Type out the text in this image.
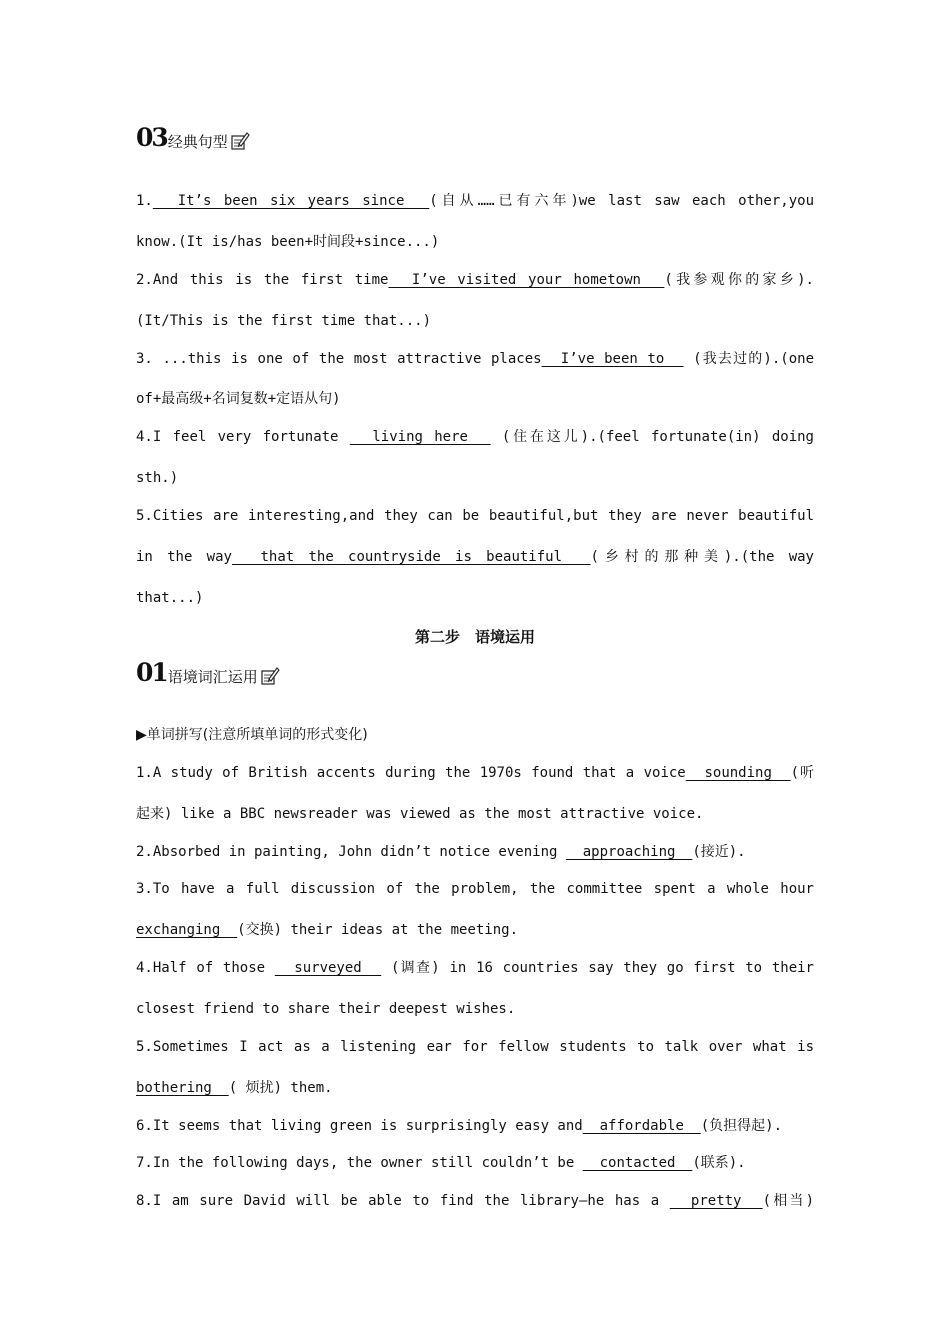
03 经典句型
1.  It’s been six years since  (自从……已有六年)we last saw each other,you
know.(It is/has been+时间段+since...)
2.And this is the first time  I’ve visited your hometown  (我参观你的家乡).
(It/This is the first time that...)
3. ...this is one of the most attractive places  I’ve been to   (我去过的).(one
of+最高级+名词复数+定语从句)
4.I feel very fortunate   living here   (住在这儿).(feel fortunate(in) doing
sth.)
5.Cities are interesting,and they can be beautiful,but they are never beautiful
in the way  that the countryside is beautiful  (乡村的那种美).(the way
that...)
第二步　语境运用
01 语境词汇运用
▶单词拼写(注意所填单词的形式变化)
1.A study of British accents during the 1970s found that a voice  sounding  (听
起来) like a BBC newsreader was viewed as the most attractive voice.
2.Absorbed in painting, John didn’t notice evening   approaching  (接近).
3.To have a full discussion of the problem, the committee spent a whole hour
exchanging  (交换) their ideas at the meeting.
4.Half of those   surveyed   (调查) in 16 countries say they go first to their
closest friend to share their deepest wishes.
5.Sometimes I act as a listening ear for fellow students to talk over what is
bothering  ( 烦扰) them.
6.It seems that living green is surprisingly easy and  affordable  (负担得起).
7.In the following days, the owner still couldn’t be   contacted  (联系).
8.I am sure David will be able to find the library—he has a   pretty  (相当)
